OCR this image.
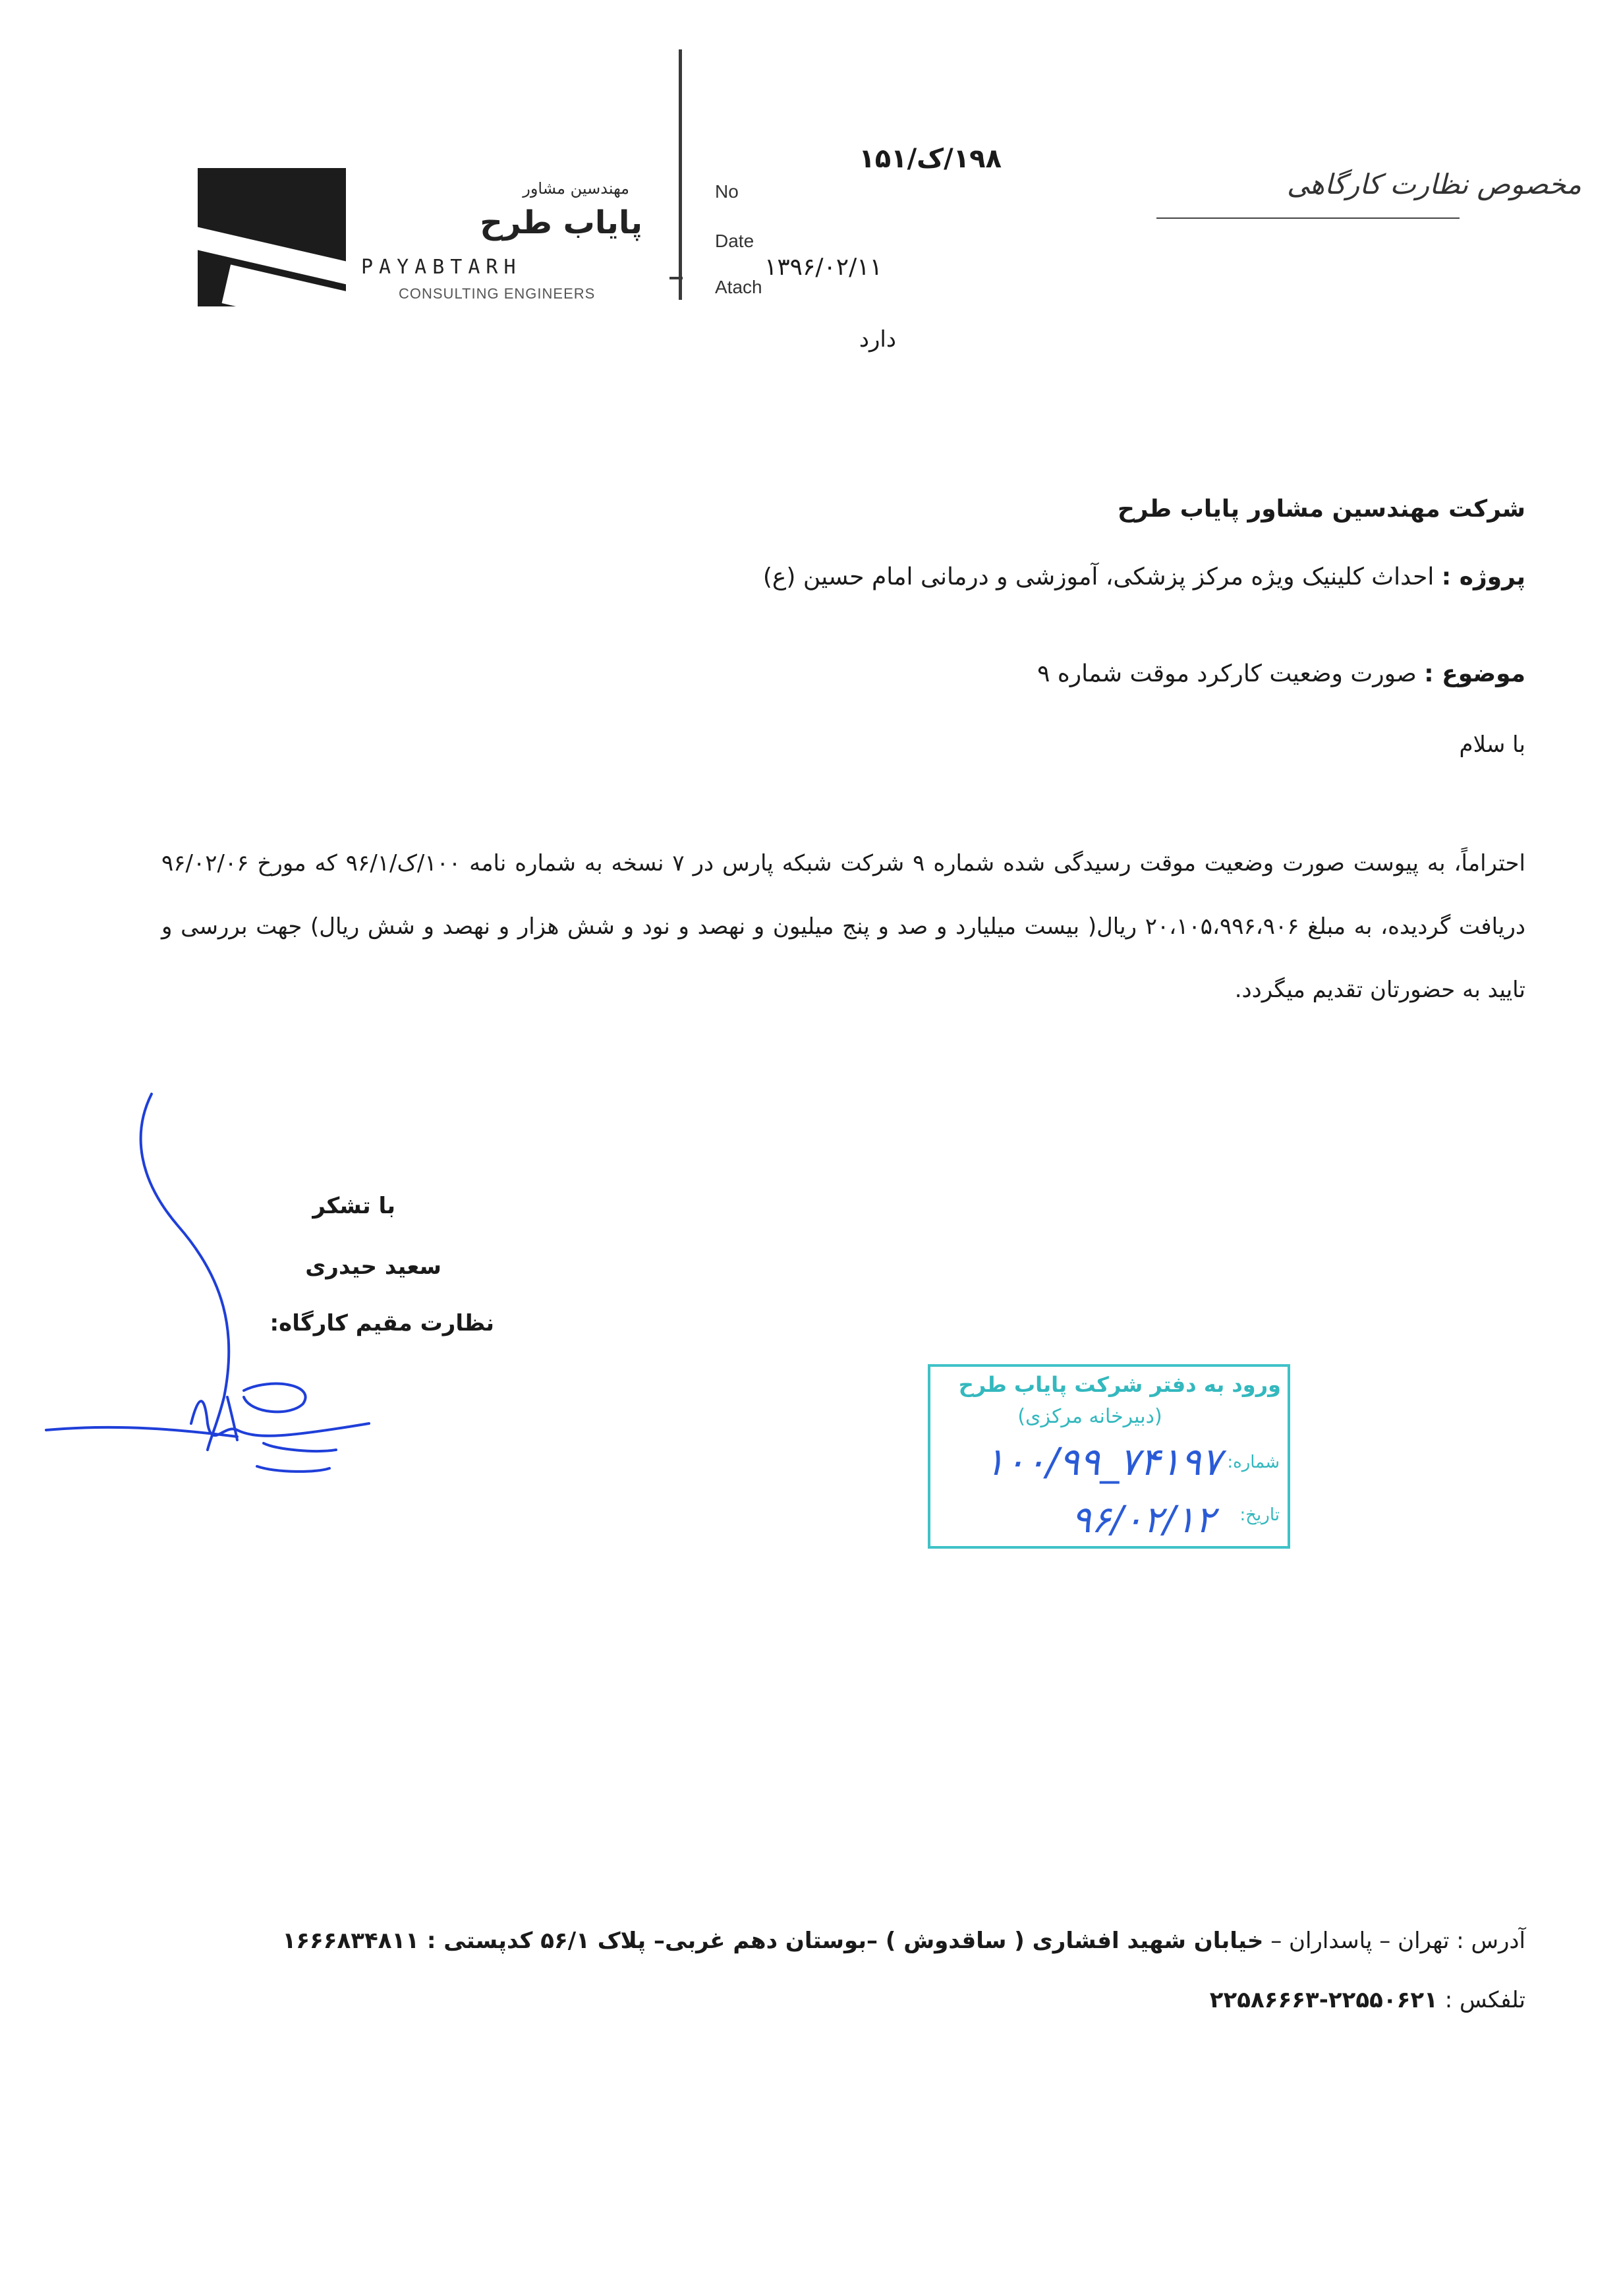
مهندسین مشاور
پایاب طرح
PAYABTARH
CONSULTING ENGINEERS
No
Date
Atach
۱۹۸/ک/۱۵۱
۱۳۹۶/۰۲/۱۱
دارد
مخصوص نظارت کارگاهی
شرکت مهندسین مشاور پایاب طرح
پروژه : احداث کلینیک ویژه مرکز پزشکی، آموزشی و درمانی امام حسین (ع)
موضوع : صورت وضعیت کارکرد موقت شماره ۹
با سلام
احتراماً، به پیوست صورت وضعیت موقت رسیدگی شده شماره ۹ شرکت شبکه پارس در ۷ نسخه به شماره نامه ۱۰۰/ک/۹۶/۱ که مورخ ۹۶/۰۲/۰۶ دریافت گردیده، به مبلغ ۲۰،۱۰۵،۹۹۶،۹۰۶ ریال( بیست میلیارد و صد و پنج میلیون و نهصد و نود و شش هزار و نهصد و شش ریال) جهت بررسی و تایید به حضورتان تقدیم میگردد.
با تشکر
سعید حیدری
نظارت مقیم کارگاه:
ورود به دفتر شرکت پایاب طرح
(دبیرخانه مرکزی)
شماره:
۱۰۰/۹۹_۷۴۱۹۷
تاریخ:
۹۶/۰۲/۱۲
آدرس : تهران – پاسداران – خیابان شهید افشاری ( ساقدوش ) –بوستان دهم غربی– پلاک ۵۶/۱ کدپستی : ۱۶۶۶۸۳۴۸۱۱
تلفکس : ۲۲۵۵۰۶۲۱-۲۲۵۸۶۶۶۳
